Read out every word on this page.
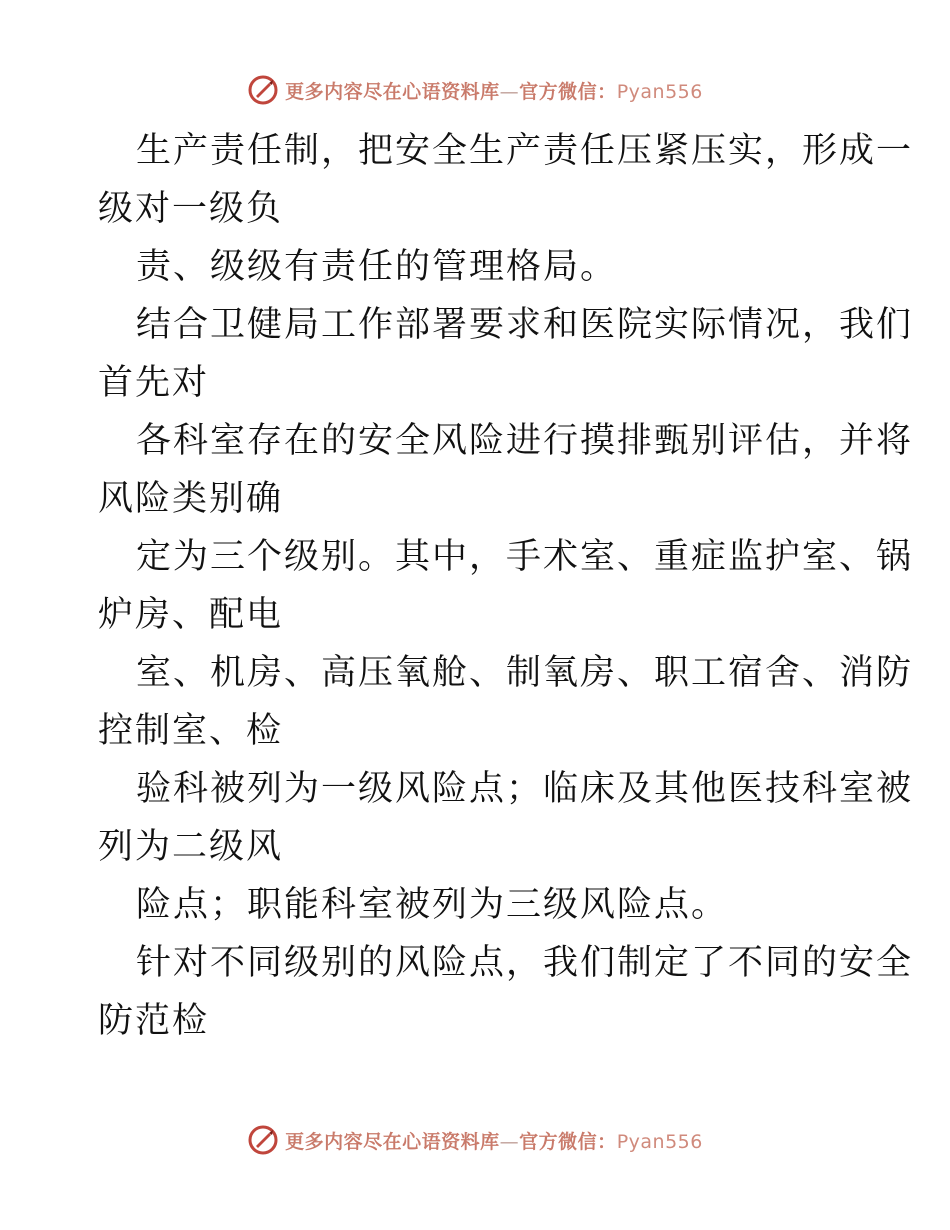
更多内容尽在心语资料库—官方微信：Pyan556
生产责任制，把安全生产责任压紧压实，形成一
级对一级负
责、级级有责任的管理格局。
结合卫健局工作部署要求和医院实际情况，我们
首先对
各科室存在的安全风险进行摸排甄别评估，并将
风险类别确
定为三个级别。其中，手术室、重症监护室、锅
炉房、配电
室、机房、高压氧舱、制氧房、职工宿舍、消防
控制室、检
验科被列为一级风险点；临床及其他医技科室被
列为二级风
险点；职能科室被列为三级风险点。
针对不同级别的风险点，我们制定了不同的安全
防范检
更多内容尽在心语资料库—官方微信：Pyan556
